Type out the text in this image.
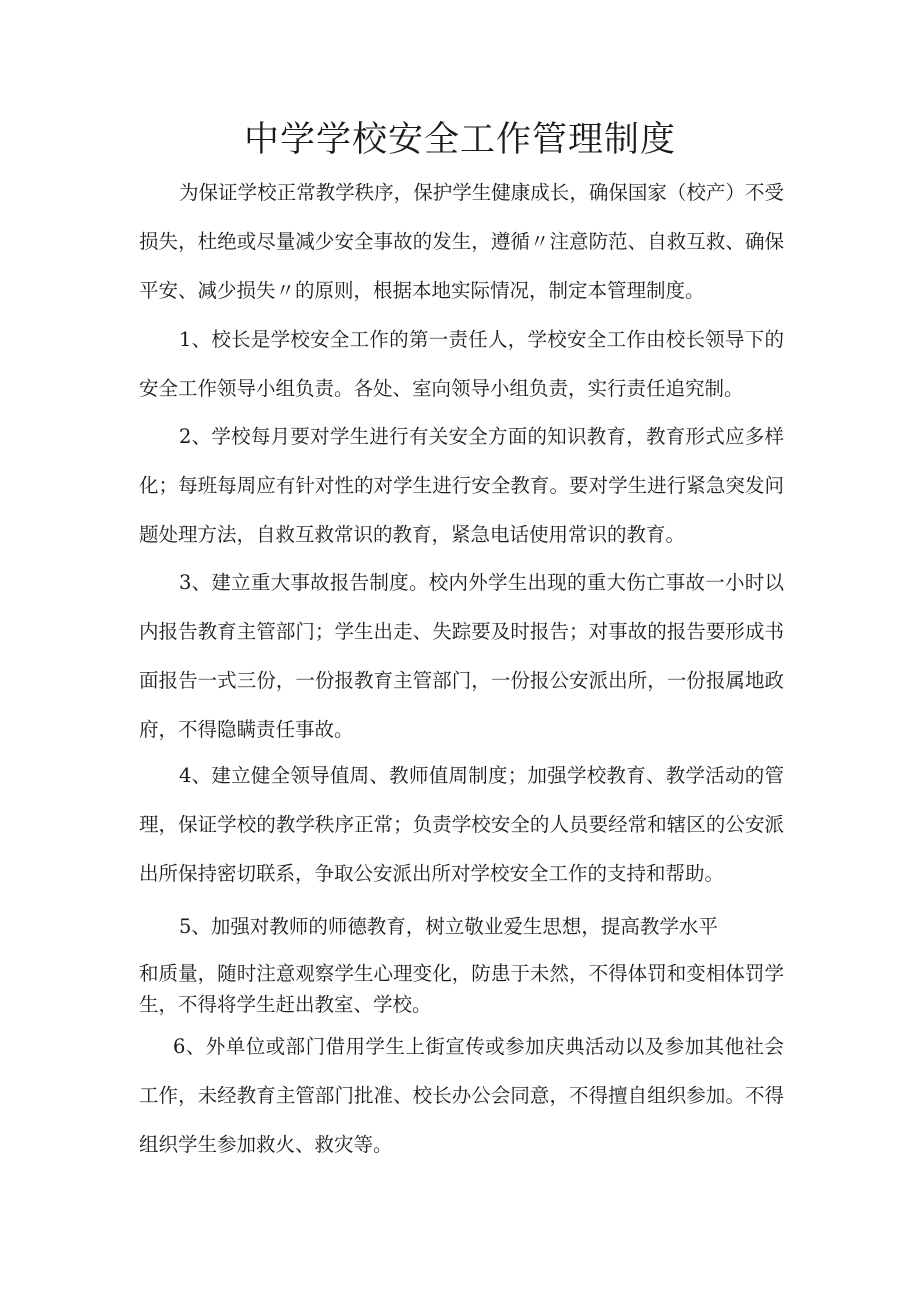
中学学校安全工作管理制度

为保证学校正常教学秩序，保护学生健康成长，确保国家（校产）不受损失，杜绝或尽量减少安全事故的发生，遵循〃注意防范、自救互救、确保平安、减少损失〃的原则，根据本地实际情况，制定本管理制度。

1、校长是学校安全工作的第一责任人，学校安全工作由校长领导下的安全工作领导小组负责。各处、室向领导小组负责，实行责任追究制。

2、学校每月要对学生进行有关安全方面的知识教育，教育形式应多样化；每班每周应有针对性的对学生进行安全教育。要对学生进行紧急突发问题处理方法，自救互救常识的教育，紧急电话使用常识的教育。

3、建立重大事故报告制度。校内外学生出现的重大伤亡事故一小时以内报告教育主管部门；学生出走、失踪要及时报告；对事故的报告要形成书面报告一式三份，一份报教育主管部门，一份报公安派出所，一份报属地政府，不得隐瞒责任事故。

4、建立健全领导值周、教师值周制度；加强学校教育、教学活动的管理，保证学校的教学秩序正常；负责学校安全的人员要经常和辖区的公安派出所保持密切联系，争取公安派出所对学校安全工作的支持和帮助。

5、加强对教师的师德教育，树立敬业爱生思想，提高教学水平

和质量，随时注意观察学生心理变化，防患于未然，不得体罚和变相体罚学生，不得将学生赶出教室、学校。

6、外单位或部门借用学生上街宣传或参加庆典活动以及参加其他社会工作，未经教育主管部门批准、校长办公会同意，不得擅自组织参加。不得组织学生参加救火、救灾等。
